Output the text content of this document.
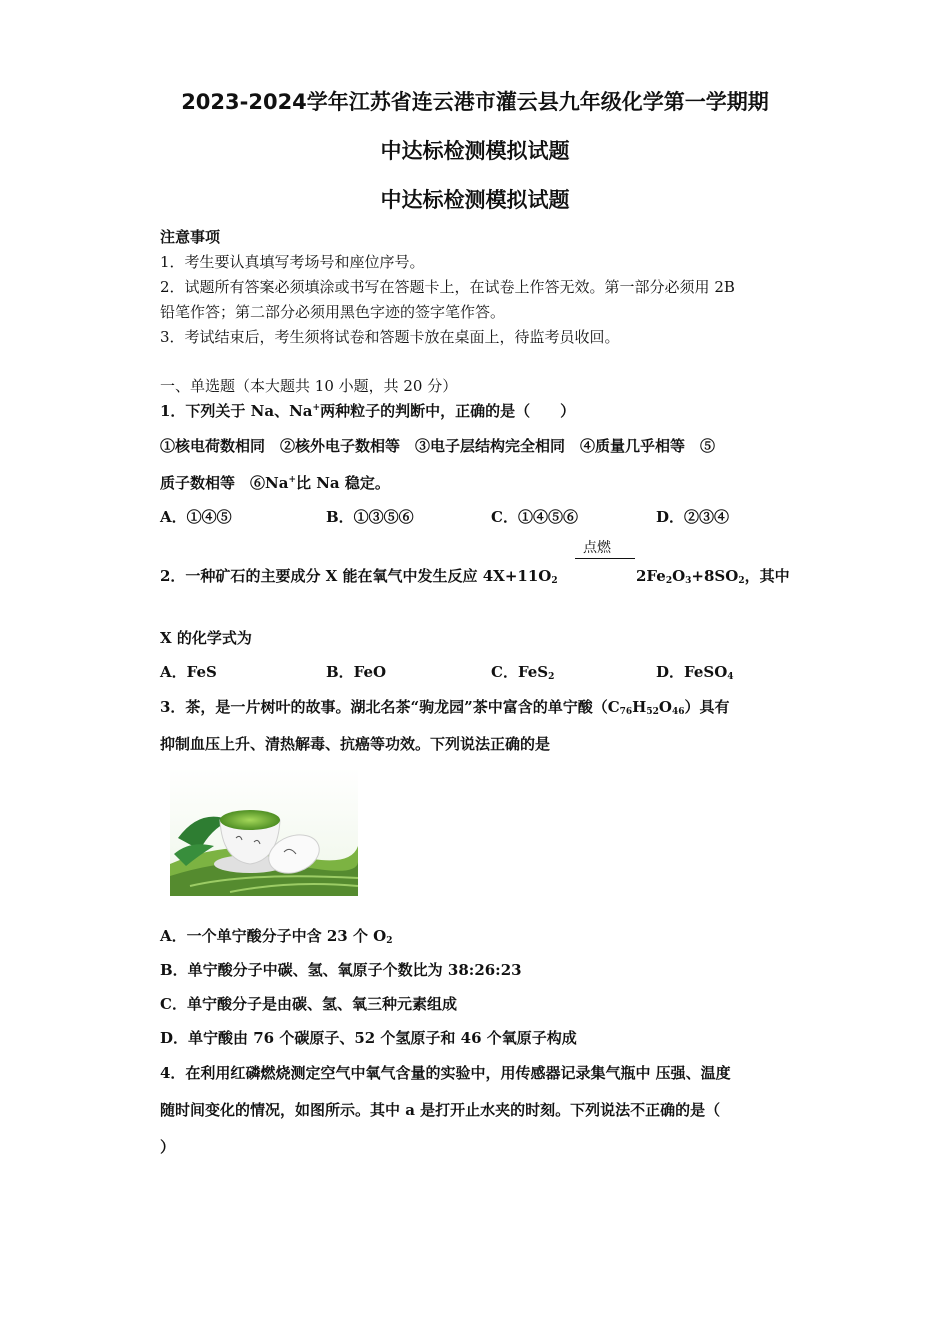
2023-2024学年江苏省连云港市灌云县九年级化学第一学期期
中达标检测模拟试题
中达标检测模拟试题
注意事项
1．考生要认真填写考场号和座位序号。
2．试题所有答案必须填涂或书写在答题卡上，在试卷上作答无效。第一部分必须用 2B
铅笔作答；第二部分必须用黑色字迹的签字笔作答。
3．考试结束后，考生须将试卷和答题卡放在桌面上，待监考员收回。
一、单选题（本大题共 10 小题，共 20 分）
1．下列关于 Na、Na+两种粒子的判断中，正确的是（　　）
①核电荷数相同　②核外电子数相等　③电子层结构完全相同　④质量几乎相等　⑤
质子数相等　⑥Na+比 Na 稳定。
A．①④⑤	B．①③⑤⑥	C．①④⑤⑥	D．②③④
点燃
2．一种矿石的主要成分 X 能在氧气中发生反应 $4X+11O_2$	$2Fe_2O_3+8SO_2$，其中
X 的化学式为
A．FeS	B．FeO	C．FeS$_2$	D．FeSO$_4$
3．茶，是一片树叶的故事。湖北名茶“驹龙园”茶中富含的单宁酸$(C_{76}H_{52}O_{46})$具有
抑制血压上升、清热解毒、抗癌等功效。下列说法正确的是
A．一个单宁酸分子中含 23 个 $O_2$
B．单宁酸分子中碳、氢、氧原子个数比为 38:26:23
C．单宁酸分子是由碳、氢、氧三种元素组成
D．单宁酸由 76 个碳原子、52 个氢原子和 46 个氧原子构成
4．在利用红磷燃烧测定空气中氧气含量的实验中，用传感器记录集气瓶中 压强、温度
随时间变化的情况，如图所示。其中 a 是打开止水夹的时刻。下列说法不正确的是（
）
